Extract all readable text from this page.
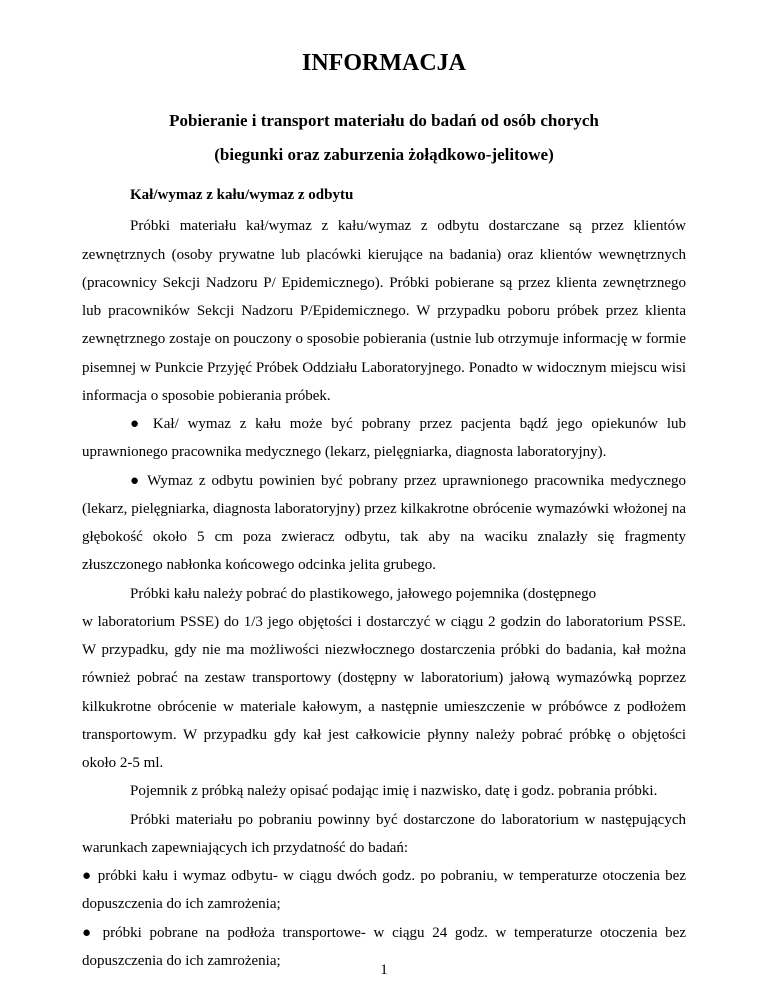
INFORMACJA
Pobieranie i transport materiału do badań od osób chorych
(biegunki oraz zaburzenia żołądkowo-jelitowe)

Kał/wymaz z kału/wymaz z odbytu

Próbki materiału kał/wymaz z kału/wymaz z odbytu dostarczane są przez klientów zewnętrznych (osoby prywatne lub placówki kierujące na badania) oraz klientów wewnętrznych (pracownicy Sekcji Nadzoru P/ Epidemicznego). Próbki pobierane są przez klienta zewnętrznego lub pracowników Sekcji Nadzoru P/Epidemicznego. W przypadku poboru próbek przez klienta zewnętrznego zostaje on pouczony o sposobie pobierania (ustnie lub otrzymuje informację w formie pisemnej w Punkcie Przyjęć Próbek Oddziału Laboratoryjnego. Ponadto w widocznym miejscu wisi informacja o sposobie pobierania próbek.

● Kał/ wymaz z kału może być pobrany przez pacjenta bądź jego opiekunów lub uprawnionego pracownika medycznego (lekarz, pielęgniarka, diagnosta laboratoryjny).

● Wymaz z odbytu powinien być pobrany przez uprawnionego pracownika medycznego (lekarz, pielęgniarka, diagnosta laboratoryjny) przez kilkakrotne obrócenie wymazówki włożonej na głębokość około 5 cm poza zwieracz odbytu, tak aby na waciku znalazły się fragmenty złuszczonego nabłonka końcowego odcinka jelita grubego.

Próbki kału należy pobrać do plastikowego, jałowego pojemnika (dostępnego

w laboratorium PSSE) do 1/3 jego objętości i dostarczyć w ciągu 2 godzin do laboratorium PSSE. W przypadku, gdy nie ma możliwości niezwłocznego dostarczenia próbki do badania, kał można również pobrać na zestaw transportowy (dostępny w laboratorium) jałową wymazówką poprzez kilkukrotne obrócenie w materiale kałowym, a następnie umieszczenie w próbówce z podłożem transportowym. W przypadku gdy kał jest całkowicie płynny należy pobrać próbkę o objętości około 2-5 ml.

Pojemnik z próbką należy opisać podając imię i nazwisko, datę i godz. pobrania próbki.

Próbki materiału po pobraniu powinny być dostarczone do laboratorium w następujących warunkach zapewniających ich przydatność do badań:

● próbki kału i wymaz odbytu- w ciągu dwóch godz. po pobraniu, w temperaturze otoczenia bez dopuszczenia do ich zamrożenia;

● próbki pobrane na podłoża transportowe- w ciągu 24 godz. w temperaturze otoczenia bez dopuszczenia do ich zamrożenia;

1
